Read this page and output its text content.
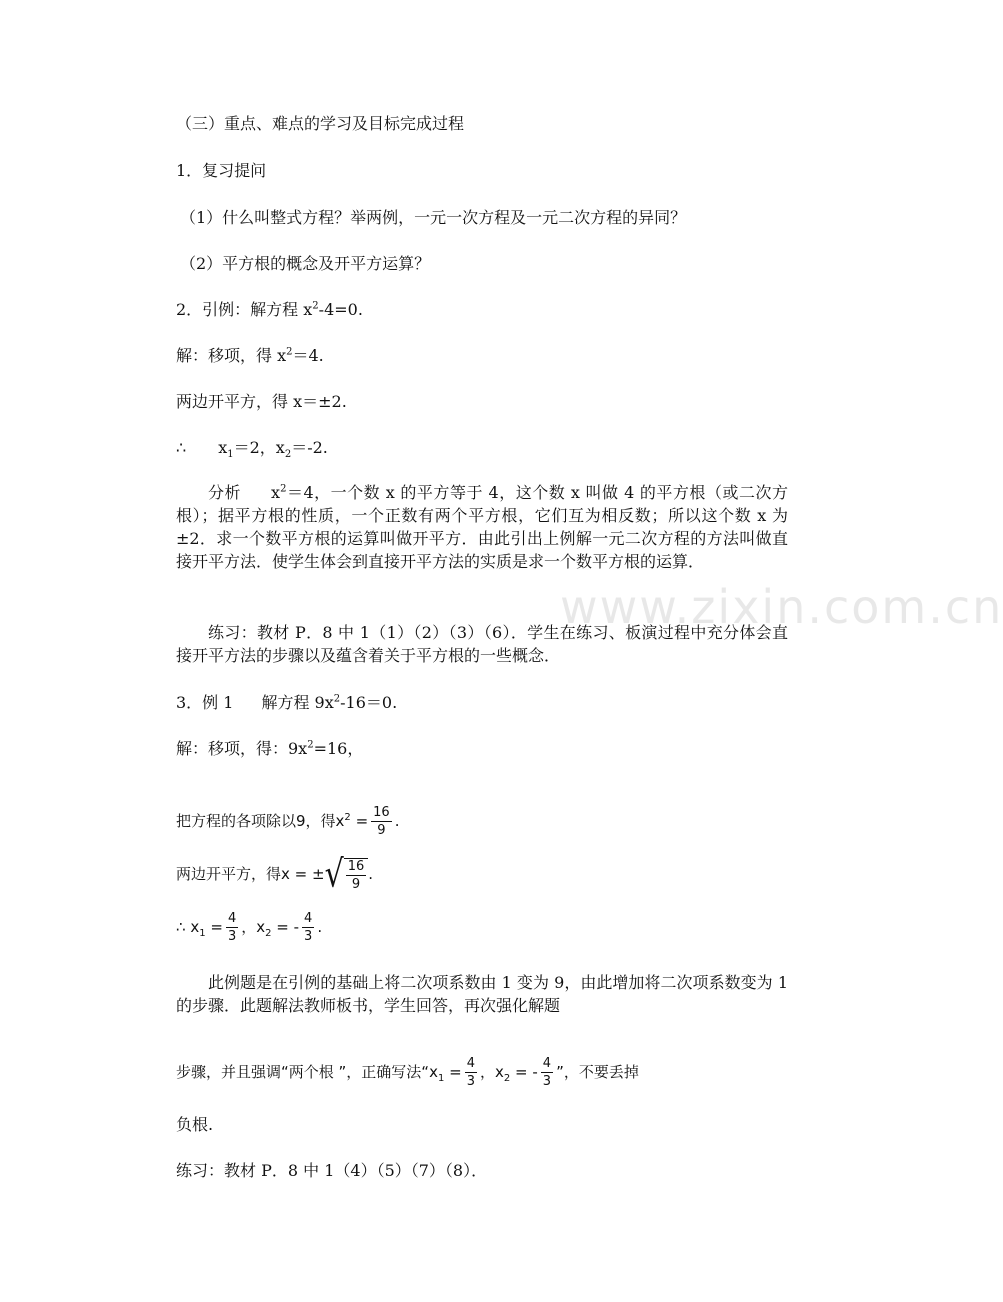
www.zixin.com.cn
（三）重点、难点的学习及目标完成过程
1．复习提问
（1）什么叫整式方程？举两例，一元一次方程及一元二次方程的异同？
（2）平方根的概念及开平方运算？
2．引例：解方程 $x^2-4=0$.
解：移项，得 $x^2=4$.
两边开平方，得 x＝±2.
∴ $x_1=2$，$x_2=-2$.
分析 $x^2=4$，一个数 x 的平方等于 4，这个数 x 叫做 4 的平方根（或二次方根）；据平方根的性质，一个正数有两个平方根，它们互为相反数；所以这个数 x 为±2．求一个数平方根的运算叫做开平方．由此引出上例解一元二次方程的方法叫做直接开平方法．使学生体会到直接开平方法的实质是求一个数平方根的运算．
练习：教材 P．8 中 1（1）（2）（3）（6）．学生在练习、板演过程中充分体会直接开平方法的步骤以及蕴含着关于平方根的一些概念．
3．例 1 解方程 $9x^2-16=0$.
解：移项，得：$9x^2=16$，
把方程的各项除以9，得$x^2 = \frac{16}{9}$ .
两边开平方，得x = ±√ $\frac{16}{9}$ .
∴ $x_1 = \frac{4}{3}$ ，$x_2$ = - $\frac{4}{3}$ .
此例题是在引例的基础上将二次项系数由 1 变为 9，由此增加将二次项系数变为 1 的步骤．此题解法教师板书，学生回答，再次强化解题
步骤，并且强调“两个根 ”，正确写法“$x_1 = \frac{4}{3}$ ，$x_2$ = - $\frac{4}{3}$ ”，不要丢掉
负根.
练习：教材 P．8 中 1（4）（5）（7）（8）．
